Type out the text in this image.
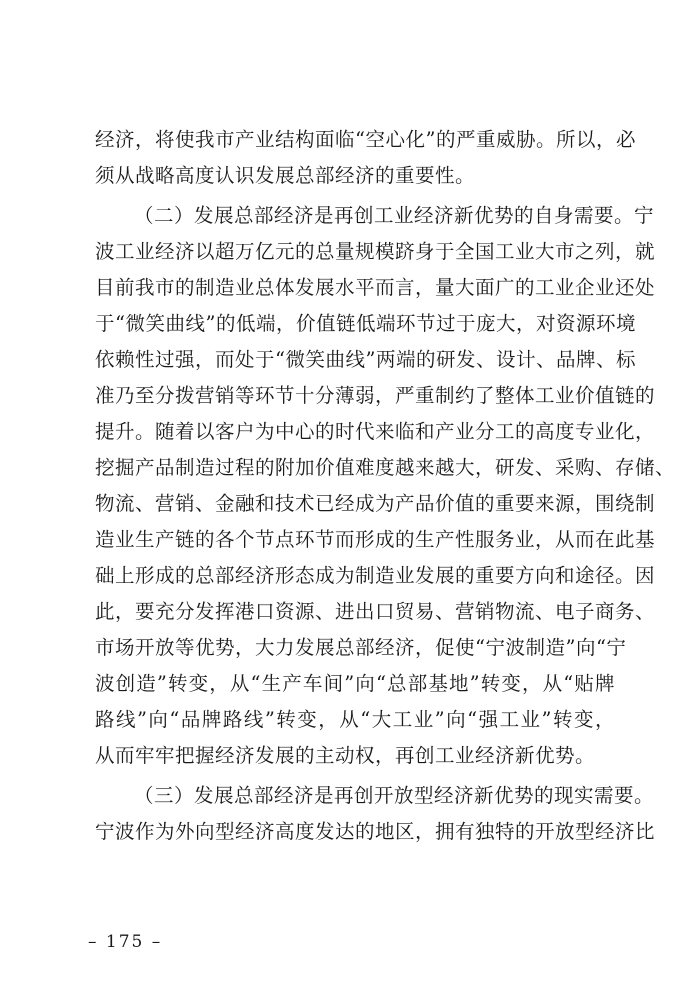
经济，将使我市产业结构面临“空心化”的严重威胁。所以，必
须从战略高度认识发展总部经济的重要性。
（二）发展总部经济是再创工业经济新优势的自身需要。宁
波工业经济以超万亿元的总量规模跻身于全国工业大市之列，就
目前我市的制造业总体发展水平而言，量大面广的工业企业还处
于“微笑曲线”的低端，价值链低端环节过于庞大，对资源环境
依赖性过强，而处于“微笑曲线”两端的研发、设计、品牌、标
准乃至分拨营销等环节十分薄弱，严重制约了整体工业价值链的
提升。随着以客户为中心的时代来临和产业分工的高度专业化，
挖掘产品制造过程的附加价值难度越来越大，研发、采购、存储、
物流、营销、金融和技术已经成为产品价值的重要来源，围绕制
造业生产链的各个节点环节而形成的生产性服务业，从而在此基
础上形成的总部经济形态成为制造业发展的重要方向和途径。因
此，要充分发挥港口资源、进出口贸易、营销物流、电子商务、
市场开放等优势，大力发展总部经济，促使“宁波制造”向“宁
波创造”转变，从“生产车间”向“总部基地”转变，从“贴牌
路线”向“品牌路线”转变，从“大工业”向“强工业”转变，
从而牢牢把握经济发展的主动权，再创工业经济新优势。
（三）发展总部经济是再创开放型经济新优势的现实需要。
宁波作为外向型经济高度发达的地区，拥有独特的开放型经济比
– 175 –
